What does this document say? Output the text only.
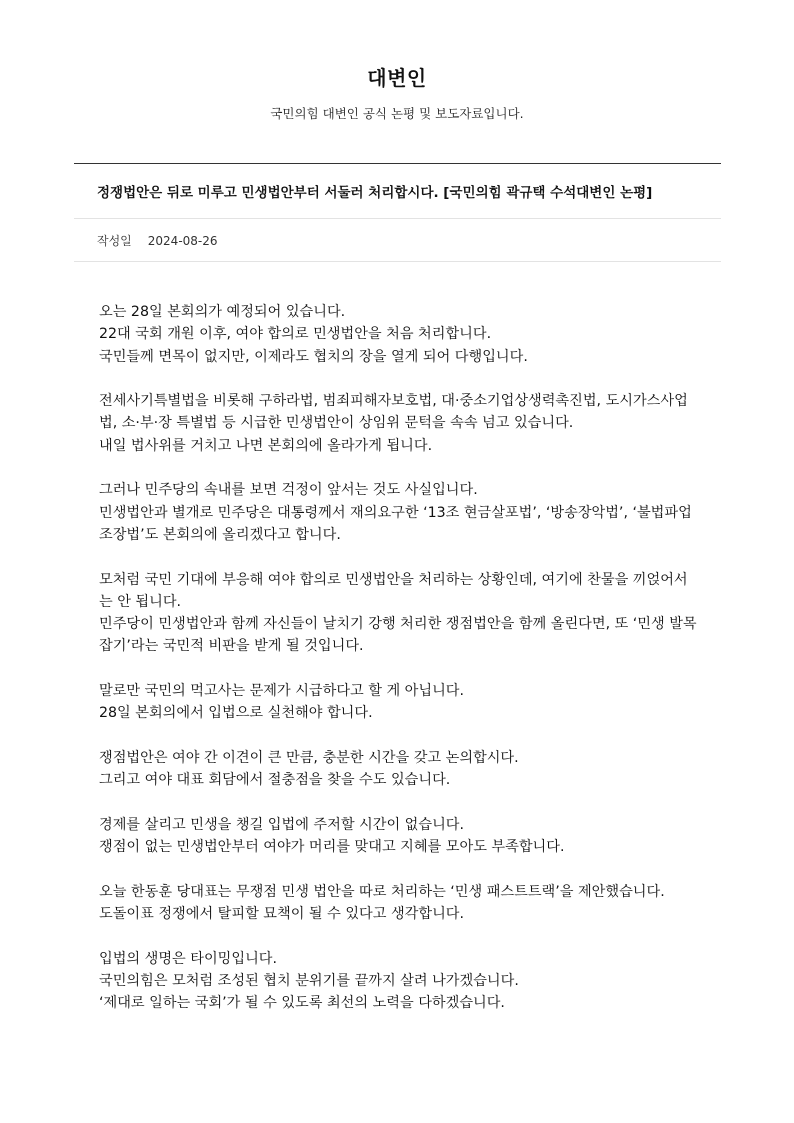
대변인
국민의힘 대변인 공식 논평 및 보도자료입니다.
정쟁법안은 뒤로 미루고 민생법안부터 서둘러 처리합시다. [국민의힘 곽규택 수석대변인 논평]
작성일 2024-08-26

오는 28일 본회의가 예정되어 있습니다.
22대 국회 개원 이후, 여야 합의로 민생법안을 처음 처리합니다.
국민들께 면목이 없지만, 이제라도 협치의 장을 열게 되어 다행입니다.

전세사기특별법을 비롯해 구하라법, 범죄피해자보호법, 대·중소기업상생력촉진법, 도시가스사업법, 소·부·장 특별법 등 시급한 민생법안이 상임위 문턱을 속속 넘고 있습니다.
내일 법사위를 거치고 나면 본회의에 올라가게 됩니다.

그러나 민주당의 속내를 보면 걱정이 앞서는 것도 사실입니다.
민생법안과 별개로 민주당은 대통령께서 재의요구한 ‘13조 현금살포법’, ‘방송장악법’, ‘불법파업 조장법’도 본회의에 올리겠다고 합니다.

모처럼 국민 기대에 부응해 여야 합의로 민생법안을 처리하는 상황인데, 여기에 찬물을 끼얹어서는 안 됩니다.
민주당이 민생법안과 함께 자신들이 날치기 강행 처리한 쟁점법안을 함께 올린다면, 또 ‘민생 발목잡기’라는 국민적 비판을 받게 될 것입니다.

말로만 국민의 먹고사는 문제가 시급하다고 할 게 아닙니다.
28일 본회의에서 입법으로 실천해야 합니다.

쟁점법안은 여야 간 이견이 큰 만큼, 충분한 시간을 갖고 논의합시다.
그리고 여야 대표 회담에서 절충점을 찾을 수도 있습니다.

경제를 살리고 민생을 챙길 입법에 주저할 시간이 없습니다.
쟁점이 없는 민생법안부터 여야가 머리를 맞대고 지혜를 모아도 부족합니다.

오늘 한동훈 당대표는 무쟁점 민생 법안을 따로 처리하는 ‘민생 패스트트랙’을 제안했습니다.
도돌이표 정쟁에서 탈피할 묘책이 될 수 있다고 생각합니다.

입법의 생명은 타이밍입니다.
국민의힘은 모처럼 조성된 협치 분위기를 끝까지 살려 나가겠습니다.
‘제대로 일하는 국회’가 될 수 있도록 최선의 노력을 다하겠습니다.
